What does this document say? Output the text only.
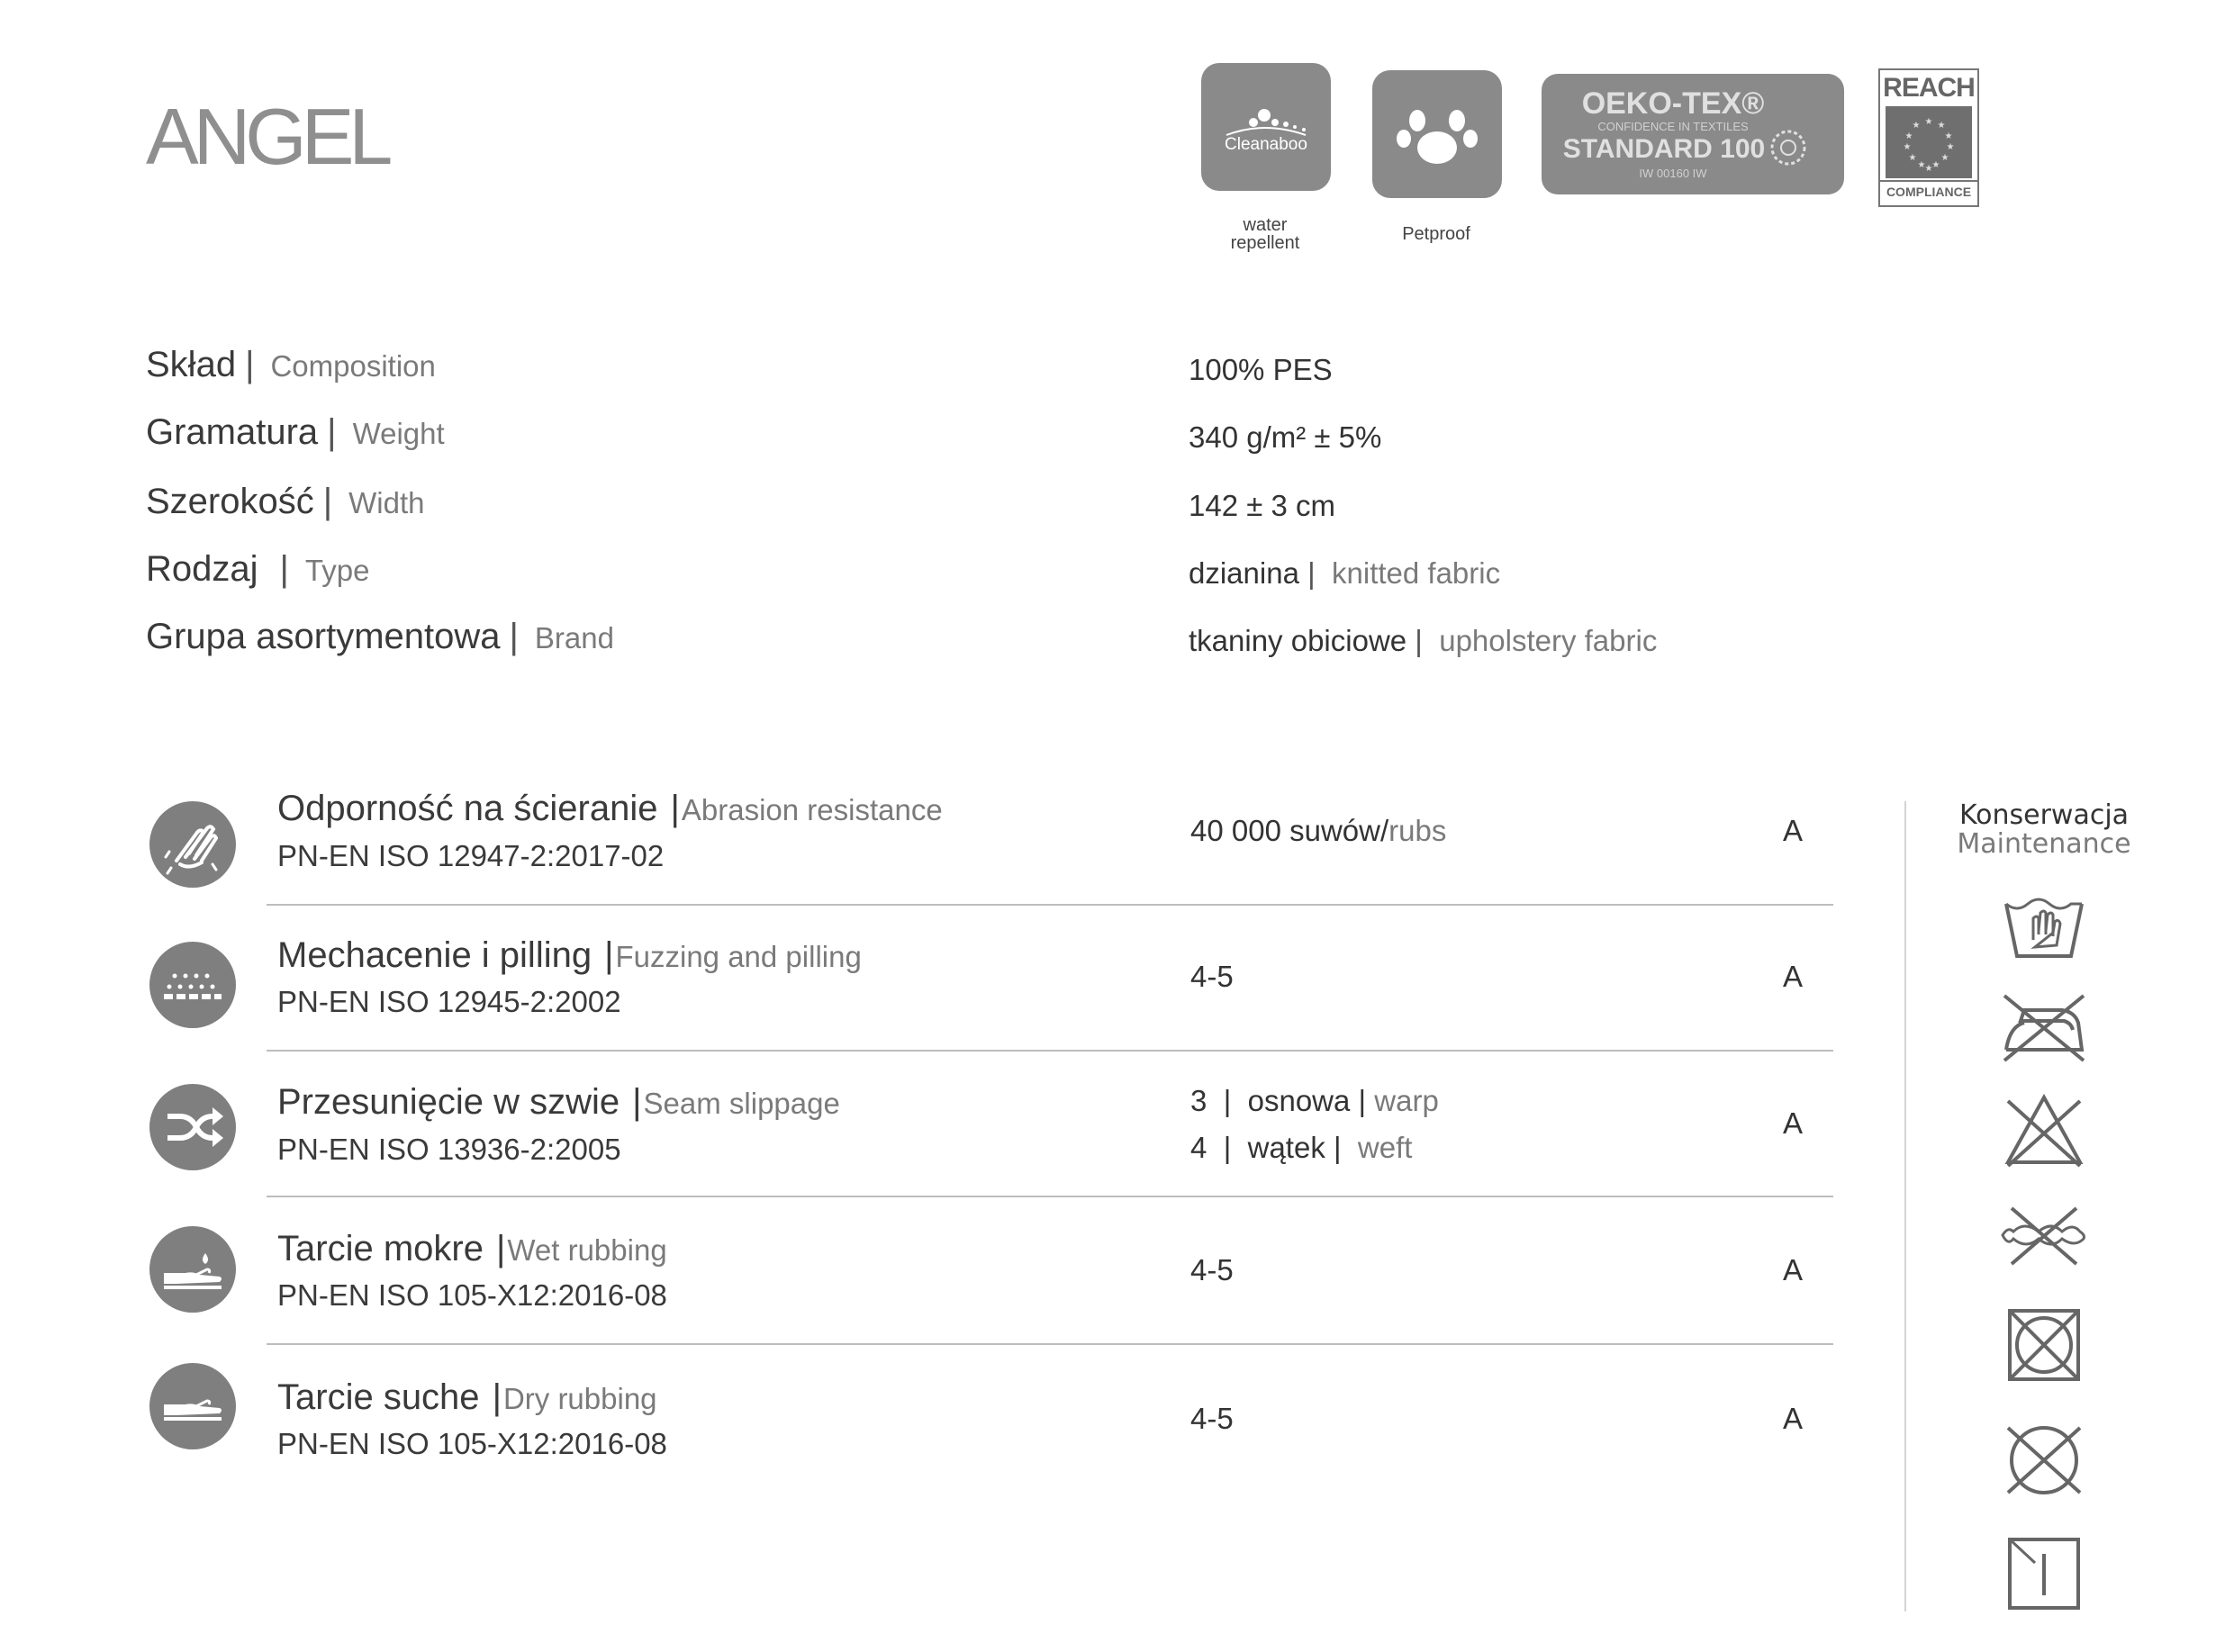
ANGEL	Cleanaboo
water
repellent	Petproof
OEKO-TEX®
CONFIDENCE IN TEXTILES
STANDARD 100
IW 00160 IW
REACH
★ ★
★
★
★
★
★
★
★
★
★
★
COMPLIANCE
Skład | Composition	100% PES
Gramatura | Weight	340 g/m² ± 5%
Szerokość | Width	142 ± 3 cm
Rodzaj | Type	dzianina | knitted fabric
Grupa asortymentowa | Brand	tkaniny obiciowe | upholstery fabric
Odporność na ścieranie | Abrasion resistance
PN-EN ISO 12947-2:2017-02
40 000 suwów/ rubs	A
Mechacenie i pilling | Fuzzing and pilling
PN-EN ISO 12945-2:2002
4-5	A
Przesunięcie w szwie | Seam slippage
PN-EN ISO 13936-2:2005
3 | osnowa | warp
4 | wątek | weft
A
Tarcie mokre | Wet rubbing
PN-EN ISO 105-X12:2016-08
4-5	A
Tarcie suche | Dry rubbing
PN-EN ISO 105-X12:2016-08
4-5	A
Konserwacja
Maintenance
